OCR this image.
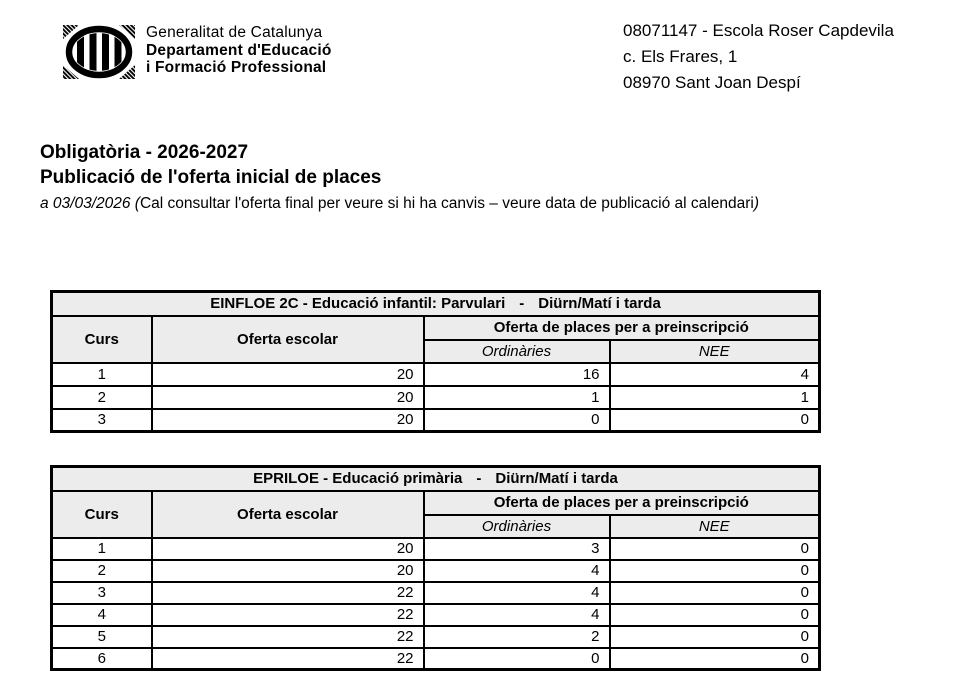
Generalitat de Catalunya
Departament d'Educació
i Formació Professional
08071147 - Escola Roser Capdevila
c. Els Frares, 1
08970 Sant Joan Despí
Obligatòria - 2026-2027
Publicació de l'oferta inicial de places
a 03/03/2026 (Cal consultar l'oferta final per veure si hi ha canvis – veure data de publicació al calendari)
EINFLOE 2C - Educació infantil: Parvulari - Diürn/Matí i tarda			
Curs	Oferta escolar	Oferta de places per a preinscripció	
		Ordinàries	NEE
1	20	16	4
2	20	1	1
3	20	0	0
EPRILOE - Educació primària - Diürn/Matí i tarda			
Curs	Oferta escolar	Oferta de places per a preinscripció	
		Ordinàries	NEE
1	20	3	0
2	20	4	0
3	22	4	0
4	22	4	0
5	22	2	0
6	22	0	0
